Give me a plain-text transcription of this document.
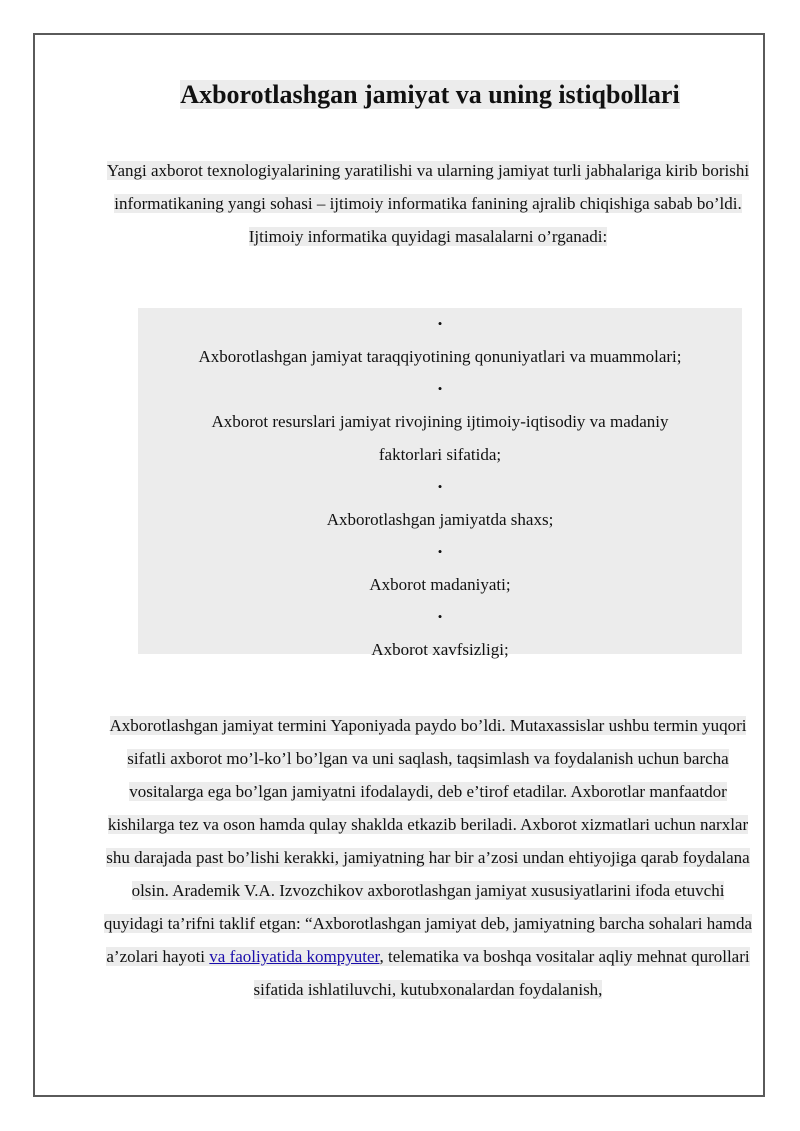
Axborotlashgan jamiyat va uning istiqbollari

Yangi axborot texnologiyalarining yaratilishi va ularning jamiyat turli jabhalariga kirib borishi informatikaning yangi sohasi – ijtimoiy informatika fanining ajralib chiqishiga sabab bo’ldi. Ijtimoiy informatika quyidagi masalalarni o’rganadi:

•
Axborotlashgan jamiyat taraqqiyotining qonuniyatlari va muammolari;
•
Axborot resurslari jamiyat rivojining ijtimoiy-iqtisodiy va madaniy faktorlari sifatida;
•
Axborotlashgan jamiyatda shaxs;
•
Axborot madaniyati;
•
Axborot xavfsizligi;

Axborotlashgan jamiyat termini Yaponiyada paydo bo’ldi. Mutaxassislar ushbu termin yuqori sifatli axborot mo’l-ko’l bo’lgan va uni saqlash, taqsimlash va foydalanish uchun barcha vositalarga ega bo’lgan jamiyatni ifodalaydi, deb e’tirof etadilar. Axborotlar manfaatdor kishilarga tez va oson hamda qulay shaklda etkazib beriladi. Axborot xizmatlari uchun narxlar shu darajada past bo’lishi kerakki, jamiyatning har bir a’zosi undan ehtiyojiga qarab foydalana olsin. Arademik V.A. Izvozchikov axborotlashgan jamiyat xususiyatlarini ifoda etuvchi quyidagi ta’rifni taklif etgan: “Axborotlashgan jamiyat deb, jamiyatning barcha sohalari hamda a’zolari hayoti va faoliyatida kompyuter, telematika va boshqa vositalar aqliy mehnat qurollari sifatida ishlatiluvchi, kutubxonalardan foydalanish,
